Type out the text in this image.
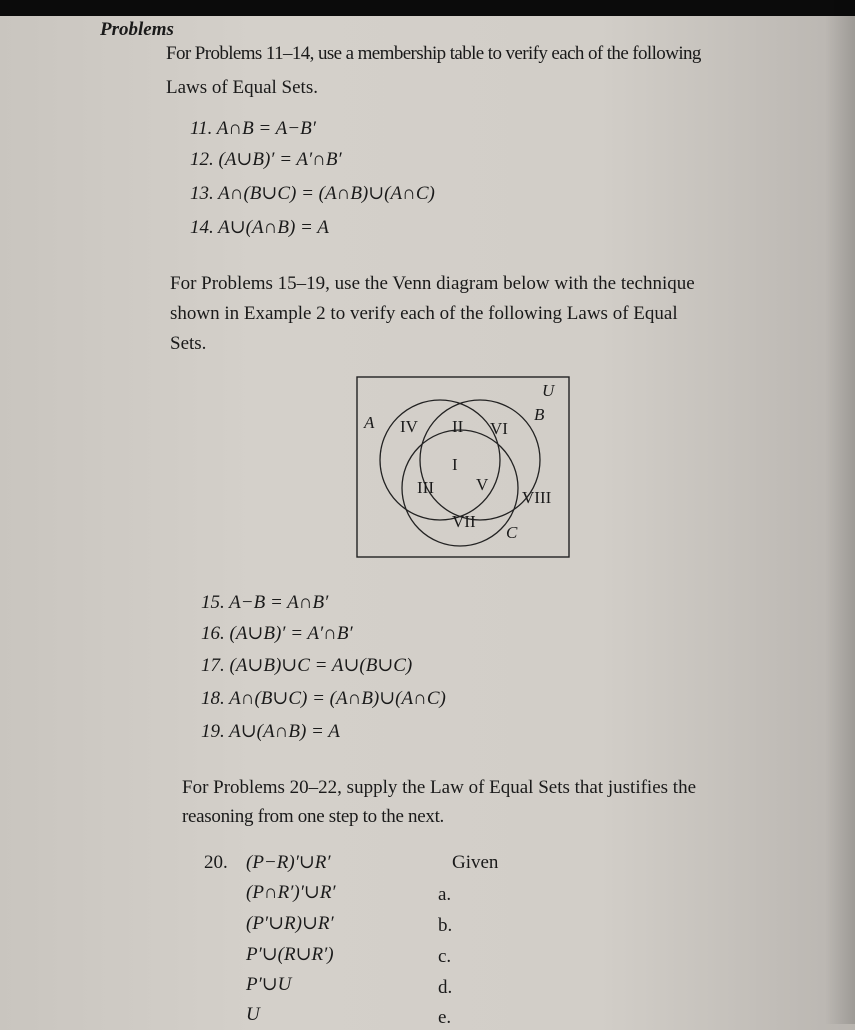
Problems
For Problems 11–14, use a membership table to verify each of the following
Laws of Equal Sets.
11. A∩B = A−B′
12. (A∪B)′ = A′∩B′
13. A∩(B∪C) = (A∩B)∪(A∩C)
14. A∪(A∩B) = A
For Problems 15–19, use the Venn diagram below with the technique
shown in Example 2 to verify each of the following Laws of Equal
Sets.
U
B
A
C
IV II VI
I
III V
VII
VIII
15. A−B = A∩B′
16. (A∪B)′ = A′∩B′
17. (A∪B)∪C = A∪(B∪C)
18. A∩(B∪C) = (A∩B)∪(A∩C)
19. A∪(A∩B) = A
For Problems 20–22, supply the Law of Equal Sets that justifies the
reasoning from one step to the next.
20. (P−R)′∪R′	Given
(P∩R′)′∪R′	a.
(P′∪R)∪R′	b.
P′∪(R∪R′)	c.
P′∪U	d.
U	e.
